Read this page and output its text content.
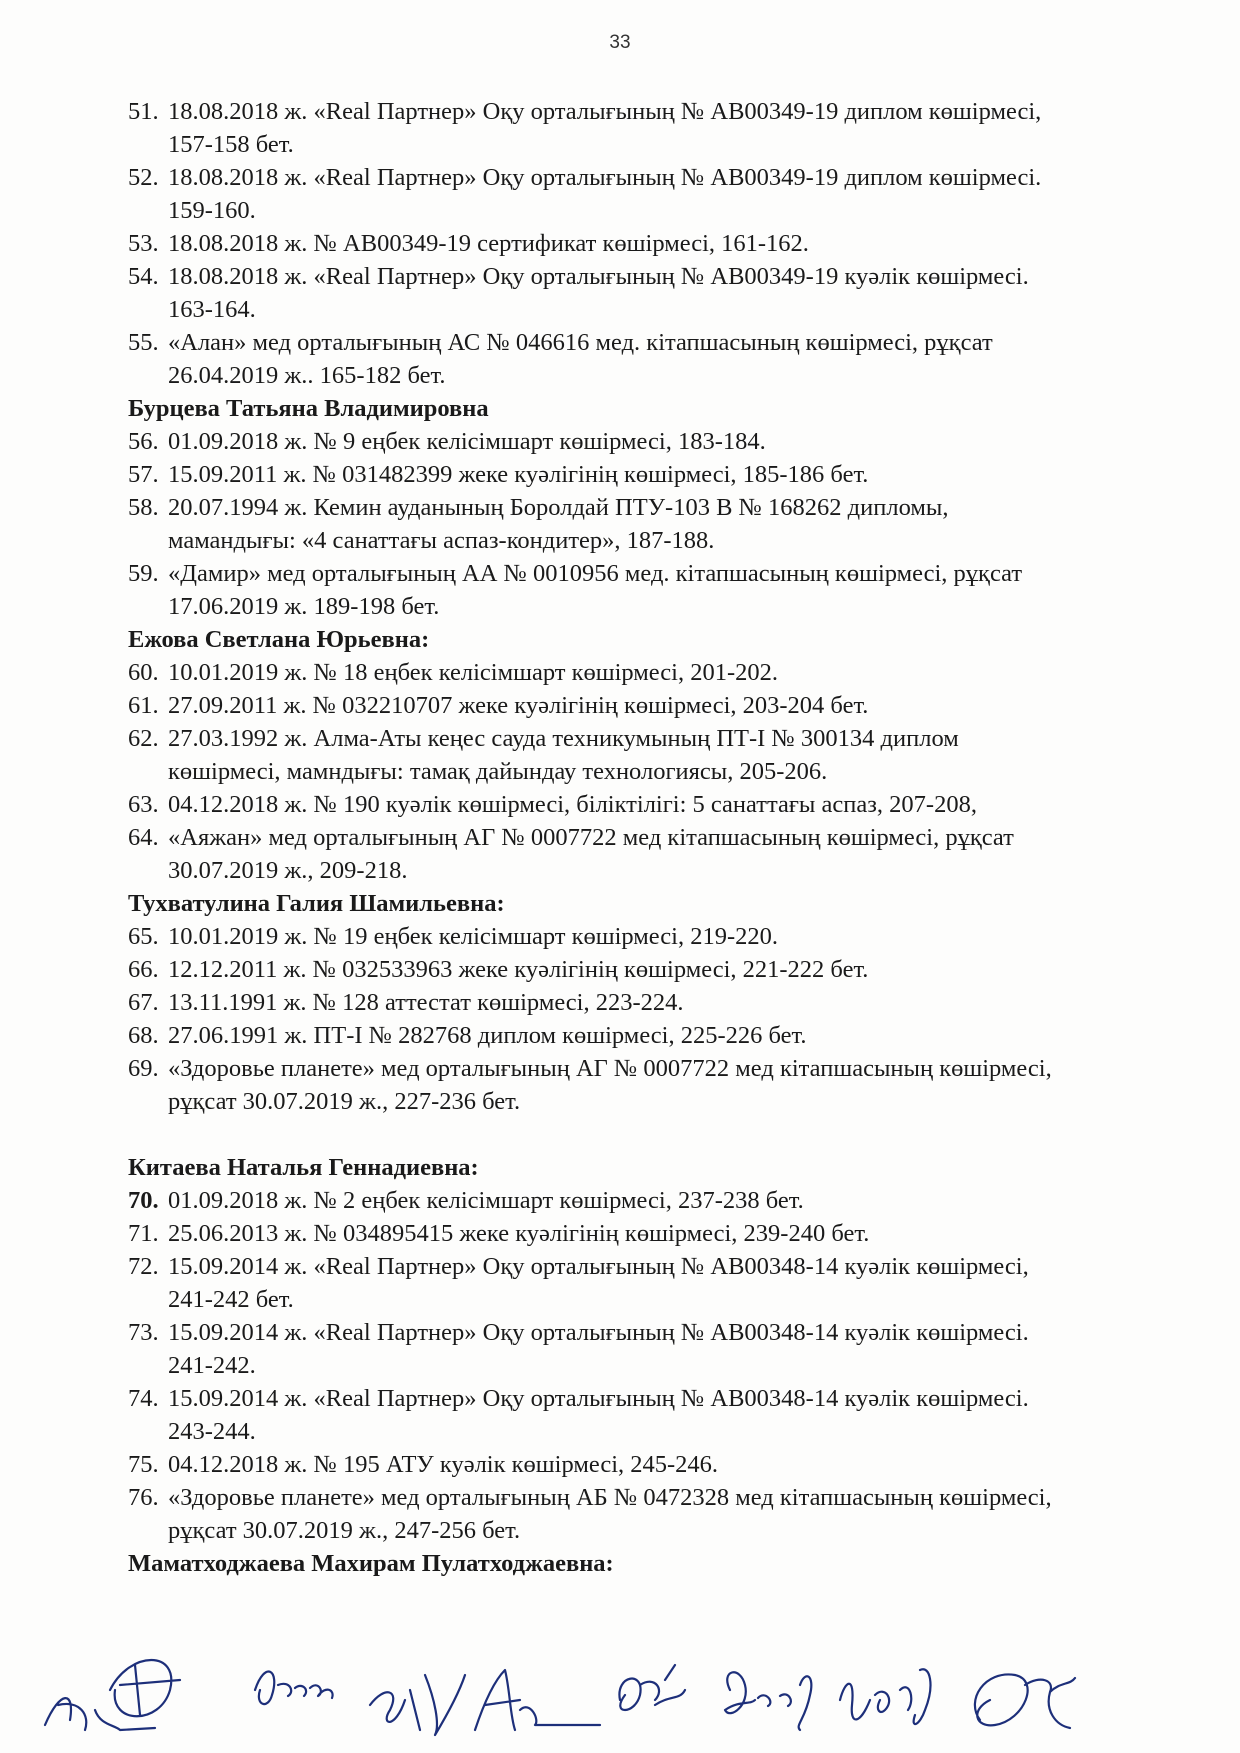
33
51. 18.08.2018 ж. «Real Партнер» Оқу орталығының № АВ00349-19 диплом көшірмесі,
157-158 бет.
52. 18.08.2018 ж. «Real Партнер» Оқу орталығының № АВ00349-19 диплом көшірмесі.
159-160.
53. 18.08.2018 ж. № АВ00349-19 сертификат көшірмесі, 161-162.
54. 18.08.2018 ж. «Real Партнер» Оқу орталығының № АВ00349-19 куәлік көшірмесі.
163-164.
55. «Алан» мед орталығының АС № 046616 мед. кітапшасының көшірмесі, рұқсат
26.04.2019 ж.. 165-182 бет.
Бурцева Татьяна Владимировна
56. 01.09.2018 ж. № 9 еңбек келісімшарт көшірмесі, 183-184.
57. 15.09.2011 ж. № 031482399 жеке куәлігінің көшірмесі, 185-186 бет.
58. 20.07.1994 ж. Кемин ауданының Боролдай ПТУ-103 В № 168262 дипломы,
мамандығы: «4 санаттағы аспаз-кондитер», 187-188.
59. «Дамир» мед орталығының АА № 0010956 мед. кітапшасының көшірмесі, рұқсат
17.06.2019 ж. 189-198 бет.
Ежова Светлана Юрьевна:
60. 10.01.2019 ж. № 18 еңбек келісімшарт көшірмесі, 201-202.
61. 27.09.2011 ж. № 032210707 жеке куәлігінің көшірмесі, 203-204 бет.
62. 27.03.1992 ж. Алма-Аты кеңес сауда техникумының ПТ-І № 300134 диплом
көшірмесі, мамндығы: тамақ дайындау технологиясы, 205-206.
63. 04.12.2018 ж. № 190 куәлік көшірмесі, біліктілігі: 5 санаттағы аспаз, 207-208,
64. «Аяжан» мед орталығының АГ № 0007722 мед кітапшасының көшірмесі, рұқсат
30.07.2019 ж., 209-218.
Тухватулина Галия Шамильевна:
65. 10.01.2019 ж. № 19 еңбек келісімшарт көшірмесі, 219-220.
66. 12.12.2011 ж. № 032533963 жеке куәлігінің көшірмесі, 221-222 бет.
67. 13.11.1991 ж. № 128 аттестат көшірмесі, 223-224.
68. 27.06.1991 ж. ПТ-І № 282768 диплом көшірмесі, 225-226 бет.
69. «Здоровье планете» мед орталығының АГ № 0007722 мед кітапшасының көшірмесі,
рұқсат 30.07.2019 ж., 227-236 бет.
Китаева Наталья Геннадиевна:
70. 01.09.2018 ж. № 2 еңбек келісімшарт көшірмесі, 237-238 бет.
71. 25.06.2013 ж. № 034895415 жеке куәлігінің көшірмесі, 239-240 бет.
72. 15.09.2014 ж. «Real Партнер» Оқу орталығының № АВ00348-14 куәлік көшірмесі,
241-242 бет.
73. 15.09.2014 ж. «Real Партнер» Оқу орталығының № АВ00348-14 куәлік көшірмесі.
241-242.
74. 15.09.2014 ж. «Real Партнер» Оқу орталығының № АВ00348-14 куәлік көшірмесі.
243-244.
75. 04.12.2018 ж. № 195 АТУ куәлік көшірмесі, 245-246.
76. «Здоровье планете» мед орталығының АБ № 0472328 мед кітапшасының көшірмесі,
рұқсат 30.07.2019 ж., 247-256 бет.
Маматходжаева Махирам Пулатходжаевна:
